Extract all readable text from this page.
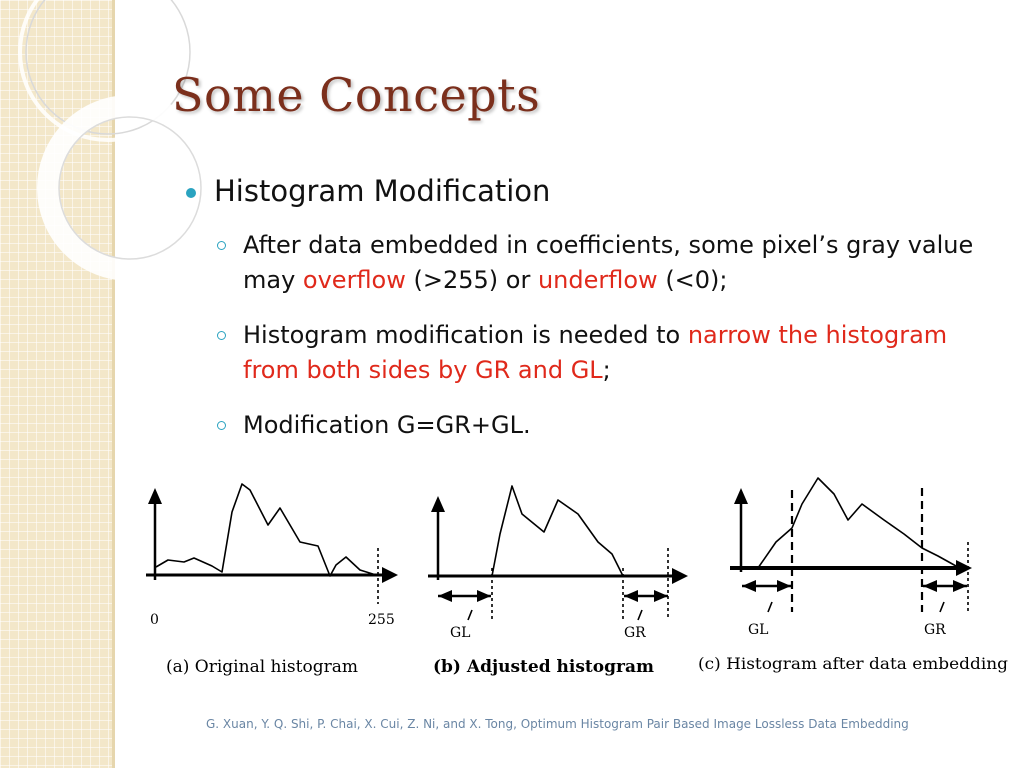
Some Concepts
Histogram Modification
After data embedded in coefficients, some pixel’s gray value may overflow (>255) or underflow (<0);
Histogram modification is needed to narrow the histogram from both sides by GR and GL;
Modification G=GR+GL.
0	255
GL	GR	GL	GR
(a) Original histogram	(b) Adjusted histogram	(c) Histogram after data embedding
G. Xuan, Y. Q. Shi, P. Chai, X. Cui, Z. Ni, and X. Tong, Optimum Histogram Pair Based Image Lossless Data Embedding
